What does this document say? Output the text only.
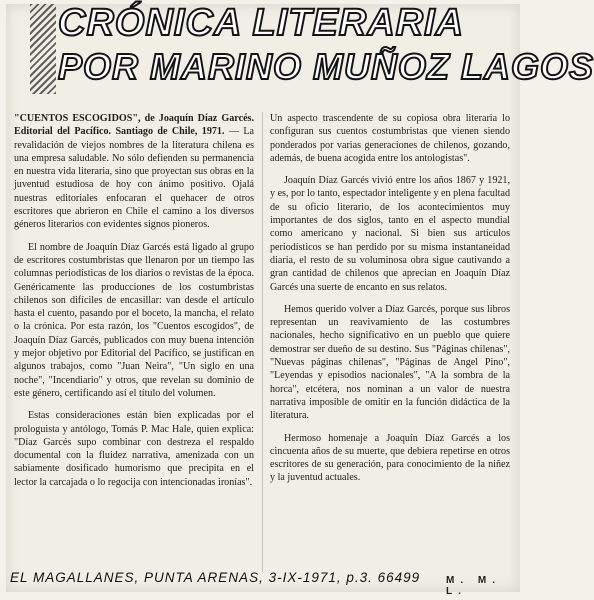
CRÓNICA LITERARIA
POR MARINO MUÑOZ LAGOS

"CUENTOS ESCOGIDOS", de Joaquín Díaz Garcés. Editorial del Pacífico. Santiago de Chile, 1971. — La revalidación de viejos nombres de la literatura chilena es una empresa saludable. No sólo defienden su permanencia en nuestra vida literaria, sino que proyectan sus obras en la juventud estudiosa de hoy con ánimo positivo. Ojalá nuestras editoriales enfocaran el quehacer de otros escritores que abrieron en Chile el camino a los diversos géneros literarios con evidentes signos pioneros.

El nombre de Joaquín Díaz Garcés está ligado al grupo de escritores costumbristas que llenaron por un tiempo las columnas periodísticas de los diarios o revistas de la época. Genéricamente las producciones de los costumbristas chilenos son difíciles de encasillar: van desde el artículo hasta el cuento, pasando por el boceto, la mancha, el relato o la crónica. Por esta razón, los "Cuentos escogidos", de Joaquín Díaz Garcés, publicados con muy buena intención y mejor objetivo por Editorial del Pacífico, se justifican en algunos trabajos, como "Juan Neira", "Un siglo en una noche", "Incendiario" y otros, que revelan su dominio de este género, certificando así el título del volumen.

Estas consideraciones están bien explicadas por el prologuista y antólogo, Tomás P. Mac Hale, quien explica: "Díaz Garcés supo combinar con destreza el respaldo documental con la fluidez narrativa, amenizada con un sabiamente dosificado humorismo que precipita en el lector la carcajada o lo regocija con intencionadas ironías".

Un aspecto trascendente de su copiosa obra literaria lo configuran sus cuentos costumbristas que vienen siendo ponderados por varias generaciones de chilenos, gozando, además, de buena acogida entre los antologistas".

Joaquín Díaz Garcés vivió entre los años 1867 y 1921, y es, por lo tanto, espectador inteligente y en plena facultad de su oficio literario, de los acontecimientos muy importantes de dos siglos, tanto en el aspecto mundial como americano y nacional. Si bien sus artículos periodísticos se han perdido por su misma instantaneidad diaria, el resto de su voluminosa obra sigue cautivando a gran cantidad de chilenos que aprecian en Joaquín Díaz Garcés una suerte de encanto en sus relatos.

Hemos querido volver a Díaz Garcés, porque sus libros representan un reavivamiento de las costumbres nacionales, hecho significativo en un pueblo que quiere demostrar ser dueño de su destino. Sus "Páginas chilenas", "Nuevas páginas chilenas", "Páginas de Angel Pino", "Leyendas y episodios nacionales", "A la sombra de la horca", etcétera, nos nominan a un valor de nuestra narrativa imposible de omitir en la función didáctica de la literatura.

Hermoso homenaje a Joaquín Díaz Garcés a los cincuenta años de su muerte, que debiera repetirse en otros escritores de su generación, para conocimiento de la niñez y la juventud actuales.

EL MAGALLANES, PUNTA ARENAS, 3-IX-1971, p.3. 66499	M. M. L.
